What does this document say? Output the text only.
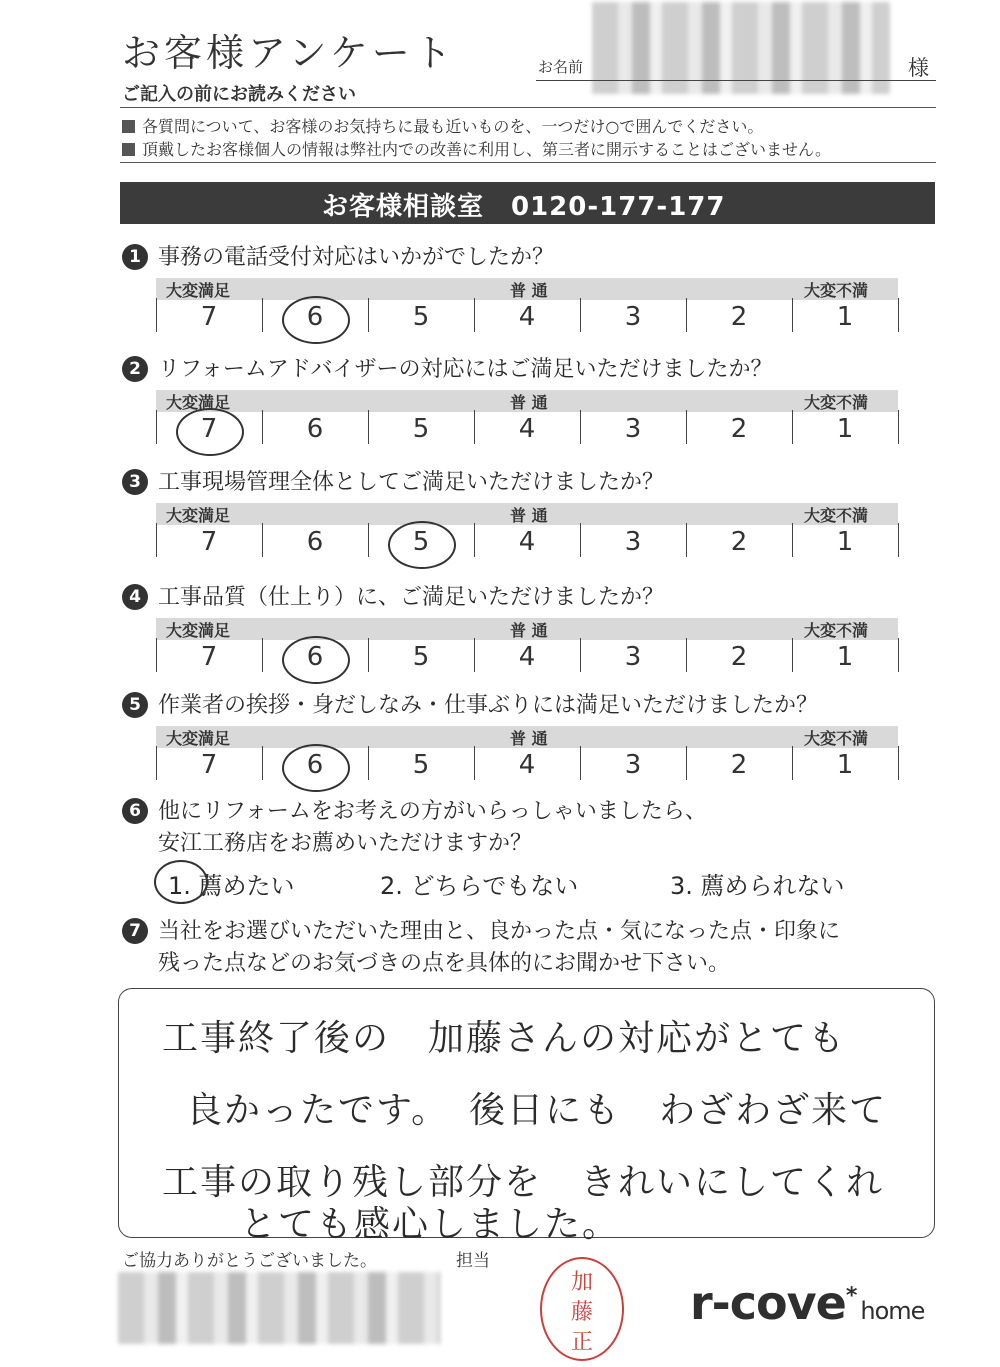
お客様アンケート	お名前	様
ご記入の前にお読みください
各質問について、お客様のお気持ちに最も近いものを、一つだけ○で囲んでください。
頂戴したお客様個人の情報は弊社内での改善に利用し、第三者に開示することはございません。
お客様相談室　0120-177-177
1 事務の電話受付対応はいかがでしたか？
大変満足	普 通	大変不満
7	6	5	4	3	2	1
2 リフォームアドバイザーの対応にはご満足いただけましたか？
大変満足	普 通	大変不満
7	6	5	4	3	2	1
3 工事現場管理全体としてご満足いただけましたか？
大変満足	普 通	大変不満
7	6	5	4	3	2	1
4 工事品質（仕上り）に、ご満足いただけましたか？
大変満足	普 通	大変不満
7	6	5	4	3	2	1
5 作業者の挨拶・身だしなみ・仕事ぶりには満足いただけましたか？
大変満足	普 通	大変不満
7	6	5	4	3	2	1
6 他にリフォームをお考えの方がいらっしゃいましたら、
安江工務店をお薦めいただけますか？
1. 薦めたい	2. どちらでもない	3. 薦められない
7 当社をお選びいただいた理由と、良かった点・気になった点・印象に
残った点などのお気づきの点を具体的にお聞かせ下さい。
工事終了後の　加藤さんの対応がとても
良かったです。　後日にも　わざわざ来て
工事の取り残し部分を　きれいにしてくれ
とても感心しました。
ご協力ありがとうございました。	担当
加
藤
正
r-cove*home
